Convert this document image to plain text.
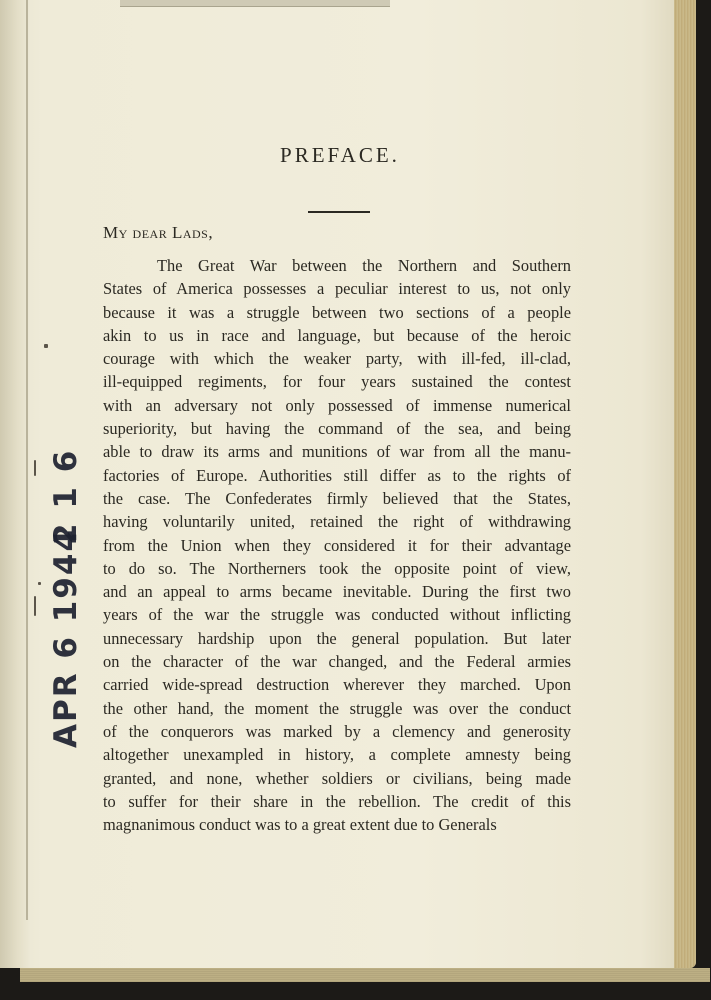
2 1 6
APR 6 1944
PREFACE.
My dear Lads,
The Great War between the Northern and Southern
States of America possesses a peculiar interest to us, not only
because it was a struggle between two sections of a people
akin to us in race and language, but because of the heroic
courage with which the weaker party, with ill-fed, ill-clad,
ill-equipped regiments, for four years sustained the contest
with an adversary not only possessed of immense numerical
superiority, but having the command of the sea, and being
able to draw its arms and munitions of war from all the manu-
factories of Europe. Authorities still differ as to the rights of
the case. The Confederates firmly believed that the States,
having voluntarily united, retained the right of withdrawing
from the Union when they considered it for their advantage
to do so. The Northerners took the opposite point of view,
and an appeal to arms became inevitable. During the first two
years of the war the struggle was conducted without inflicting
unnecessary hardship upon the general population. But later
on the character of the war changed, and the Federal armies
carried wide-spread destruction wherever they marched. Upon
the other hand, the moment the struggle was over the conduct
of the conquerors was marked by a clemency and generosity
altogether unexampled in history, a complete amnesty being
granted, and none, whether soldiers or civilians, being made
to suffer for their share in the rebellion. The credit of this
magnanimous conduct was to a great extent due to Generals
